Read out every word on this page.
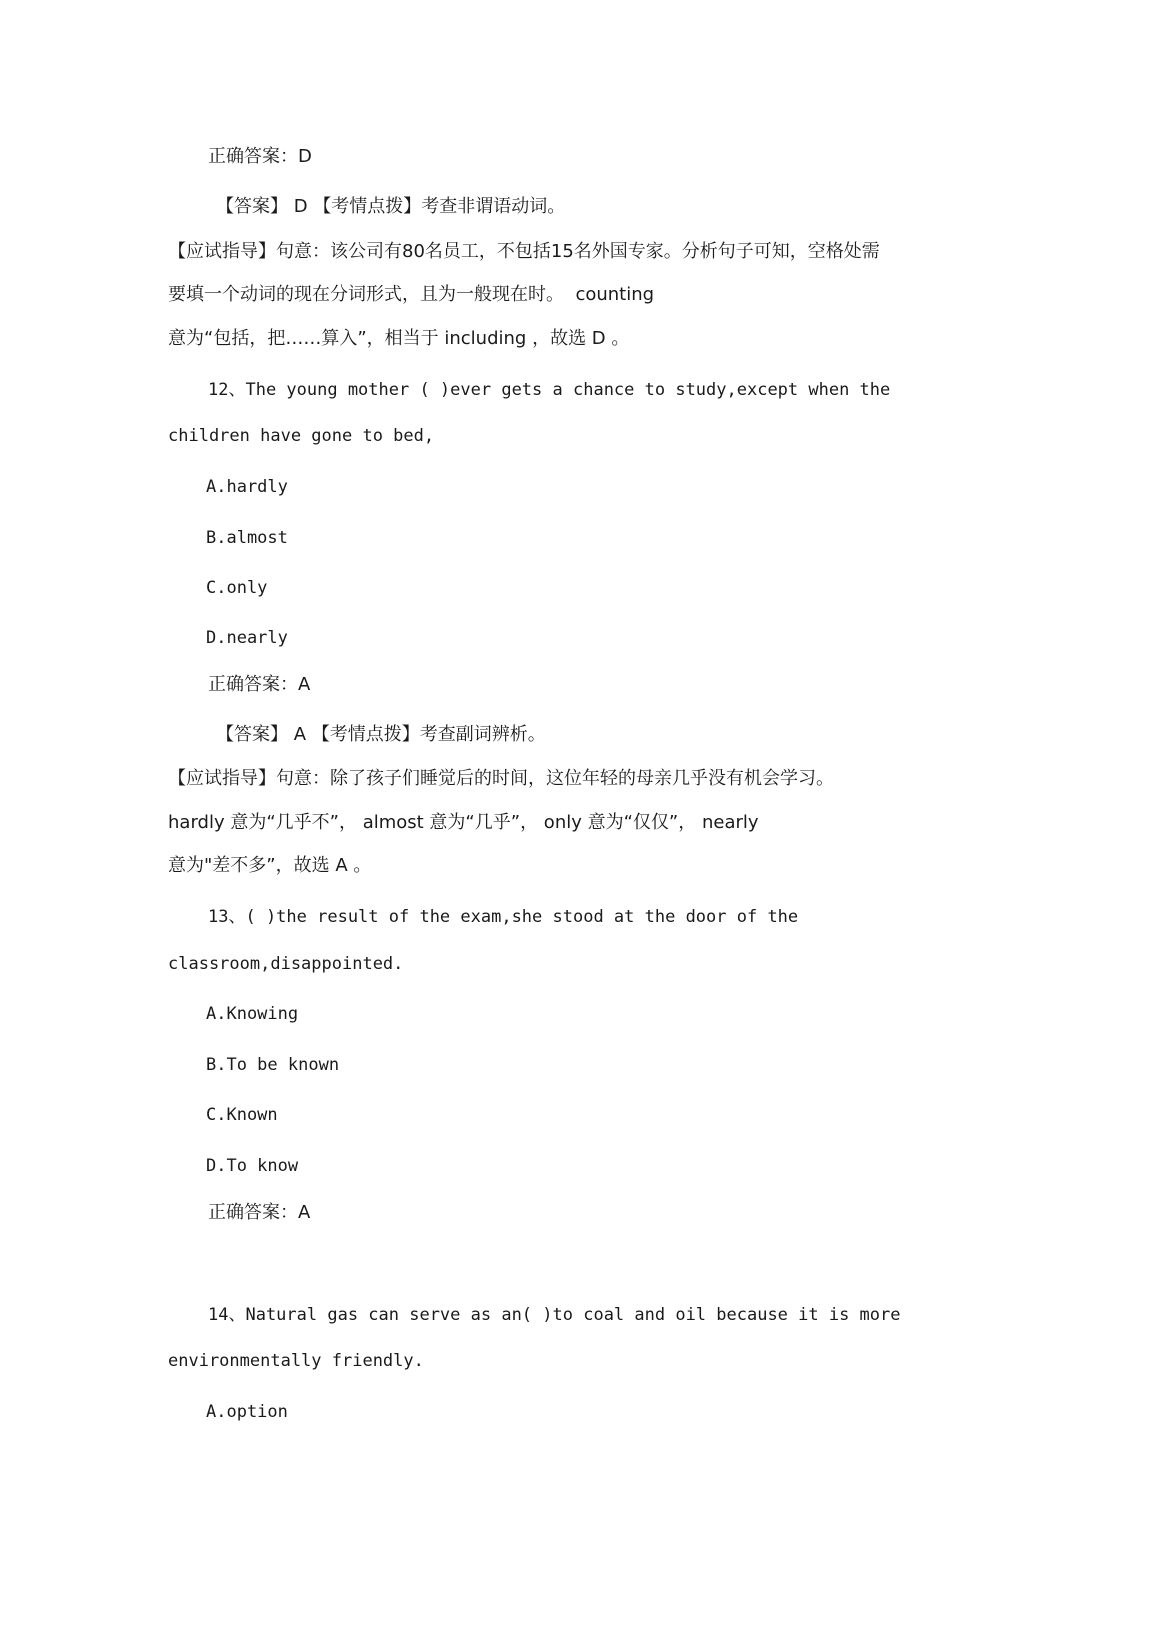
正确答案：D
【答案】 D 【考情点拨】考查非谓语动词。
【应试指导】句意：该公司有80名员工，不包括15名外国专家。分析句子可知，空格处需
要填一个动词的现在分词形式，且为一般现在时。  counting
意为“包括，把……算入”，相当于 including ，故选 D 。
12、The young mother ( )ever gets a chance to study,except when the
children have gone to bed,
A.hardly
B.almost
C.only
D.nearly
正确答案：A
【答案】 A 【考情点拨】考查副词辨析。
【应试指导】句意：除了孩子们睡觉后的时间，这位年轻的母亲几乎没有机会学习。
hardly 意为“几乎不”， almost 意为“几乎”， only 意为“仅仅”， nearly
意为"差不多”，故选 A 。
13、( )the result of the exam,she stood at the door of the
classroom,disappointed.
A.Knowing
B.To be known
C.Known
D.To know
正确答案：A
14、Natural gas can serve as an( )to coal and oil because it is more
environmentally friendly.
A.option
